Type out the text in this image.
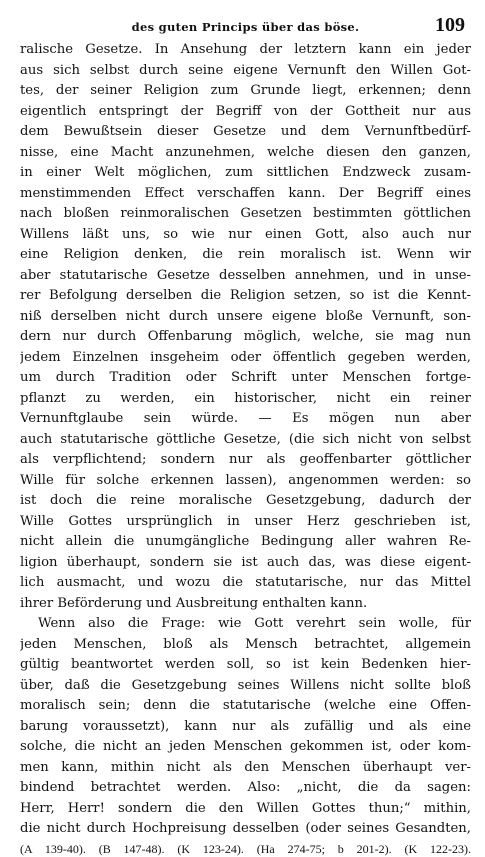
des guten Princips über das böse.	109
ralische Gesetze. In Ansehung der letztern kann ein jeder
aus sich selbst durch seine eigene Vernunft den Willen Got-
tes, der seiner Religion zum Grunde liegt, erkennen; denn
eigentlich entspringt der Begriff von der Gottheit nur aus
dem Bewußtsein dieser Gesetze und dem Vernunftbedürf-
nisse, eine Macht anzunehmen, welche diesen den ganzen,
in einer Welt möglichen, zum sittlichen Endzweck zusam-
menstimmenden Effect verschaffen kann. Der Begriff eines
nach bloßen reinmoralischen Gesetzen bestimmten göttlichen
Willens läßt uns, so wie nur einen Gott, also auch nur
eine Religion denken, die rein moralisch ist. Wenn wir
aber statutarische Gesetze desselben annehmen, und in unse-
rer Befolgung derselben die Religion setzen, so ist die Kennt-
niß derselben nicht durch unsere eigene bloße Vernunft, son-
dern nur durch Offenbarung möglich, welche, sie mag nun
jedem Einzelnen insgeheim oder öffentlich gegeben werden,
um durch Tradition oder Schrift unter Menschen fortge-
pflanzt zu werden, ein historischer, nicht ein reiner
Vernunftglaube sein würde. — Es mögen nun aber
auch statutarische göttliche Gesetze, (die sich nicht von selbst
als verpflichtend; sondern nur als geoffenbarter göttlicher
Wille für solche erkennen lassen), angenommen werden: so
ist doch die reine moralische Gesetzgebung, dadurch der
Wille Gottes ursprünglich in unser Herz geschrieben ist,
nicht allein die unumgängliche Bedingung aller wahren Re-
ligion überhaupt, sondern sie ist auch das, was diese eigent-
lich ausmacht, und wozu die statutarische, nur das Mittel
ihrer Beförderung und Ausbreitung enthalten kann.
Wenn also die Frage: wie Gott verehrt sein wolle, für
jeden Menschen, bloß als Mensch betrachtet, allgemein
gültig beantwortet werden soll, so ist kein Bedenken hier-
über, daß die Gesetzgebung seines Willens nicht sollte bloß
moralisch sein; denn die statutarische (welche eine Offen-
barung voraussetzt), kann nur als zufällig und als eine
solche, die nicht an jeden Menschen gekommen ist, oder kom-
men kann, mithin nicht als den Menschen überhaupt ver-
bindend betrachtet werden. Also: „nicht, die da sagen:
Herr, Herr! sondern die den Willen Gottes thun;“ mithin,
die nicht durch Hochpreisung desselben (oder seines Gesandten,
(A 139-40). (B 147-48). (K 123-24). (Ha 274-75; b 201-2). (K 122-23).
